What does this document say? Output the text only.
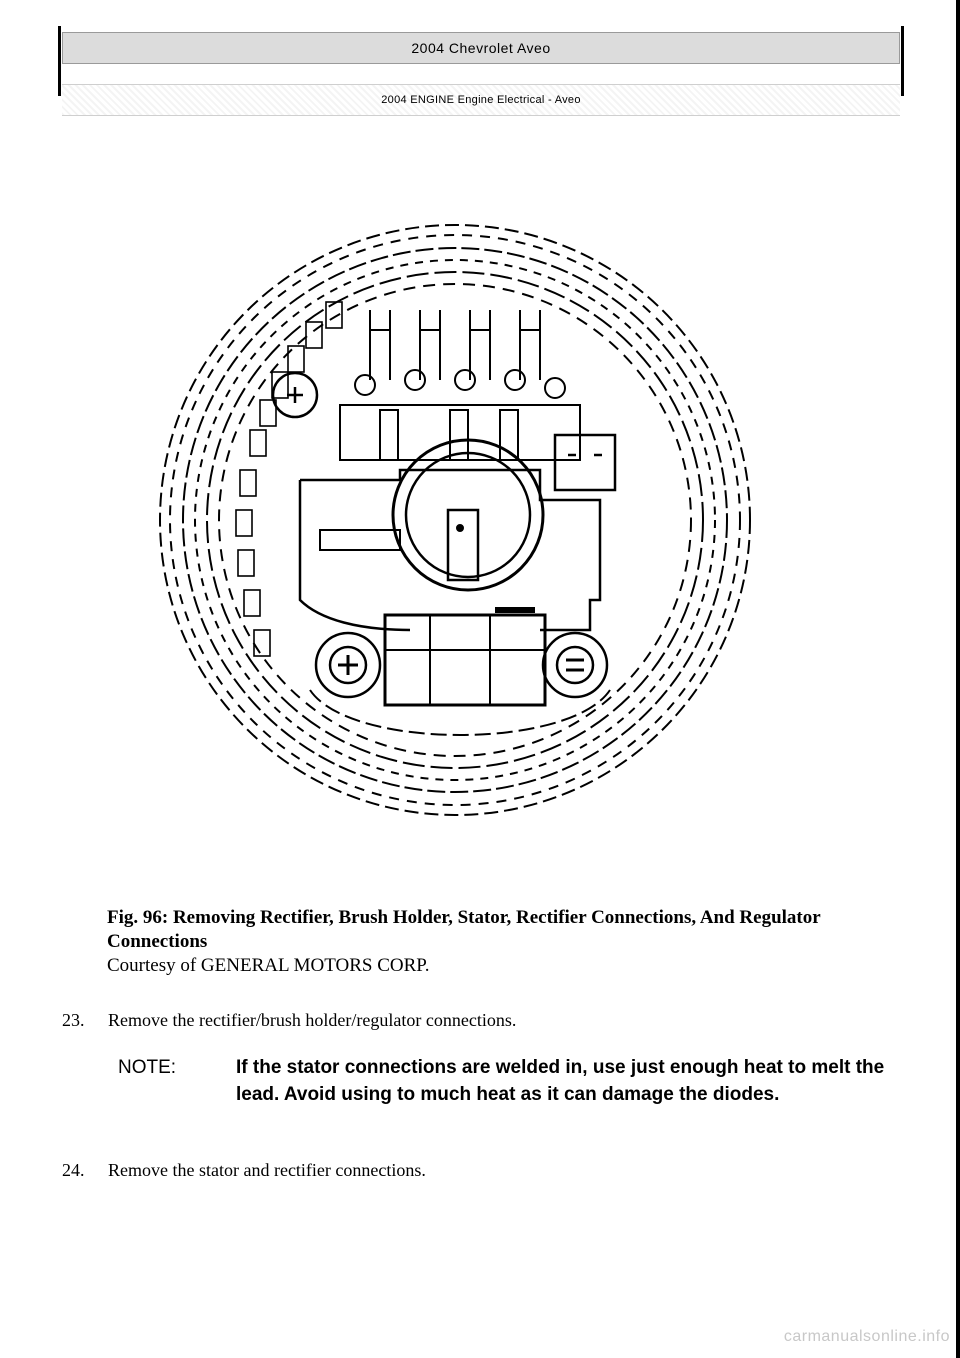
2004 Chevrolet Aveo
2004 ENGINE Engine Electrical - Aveo
Fig. 96: Removing Rectifier, Brush Holder, Stator, Rectifier Connections, And Regulator Connections
Courtesy of GENERAL MOTORS CORP.
23. Remove the rectifier/brush holder/regulator connections.
NOTE:	If the stator connections are welded in, use just enough heat to melt the lead. Avoid using to much heat as it can damage the diodes.
24. Remove the stator and rectifier connections.
carmanualsonline.info
